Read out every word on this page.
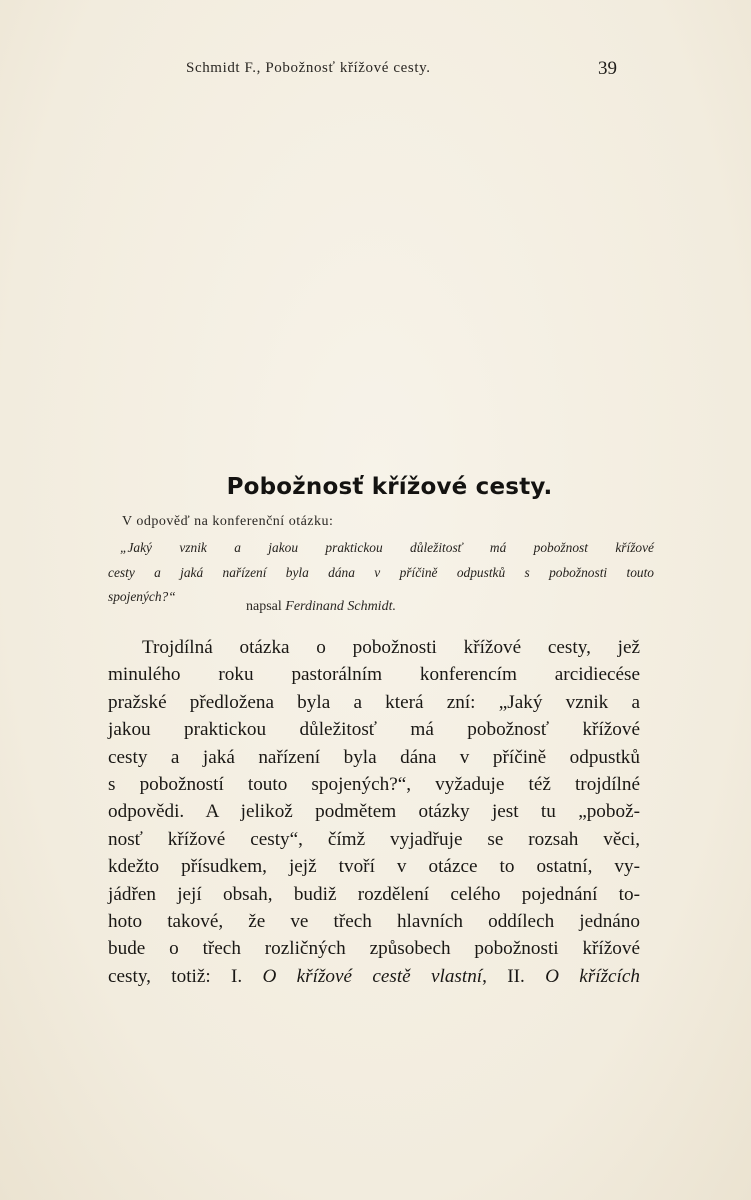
Schmidt F., Pobožnosť křížové cesty.	39
Pobožnosť křížové cesty.
V odpověď na konferenční otázku:
„Jaký vznik a jakou praktickou důležitosť má pobožnost křížové
cesty a jaká nařízení byla dána v příčině odpustků s pobožnosti touto
spojených?“
napsal Ferdinand Schmidt.
Trojdílná otázka o pobožnosti křížové cesty, jež
minulého roku pastorálním konferencím arcidiecése
pražské předložena byla a která zní: „Jaký vznik a
jakou praktickou důležitosť má pobožnosť křížové
cesty a jaká nařízení byla dána v příčině odpustků
s pobožností touto spojených?“, vyžaduje též trojdílné
odpovědi. A jelikož podmětem otázky jest tu „pobož-
nosť křížové cesty“, čímž vyjadřuje se rozsah věci,
kdežto přísudkem, jejž tvoří v otázce to ostatní, vy-
jádřen její obsah, budiž rozdělení celého pojednání to-
hoto takové, že ve třech hlavních oddílech jednáno
bude o třech rozličných způsobech pobožnosti křížové
cesty, totiž: I. O křížové cestě vlastní, II. O křížcích
